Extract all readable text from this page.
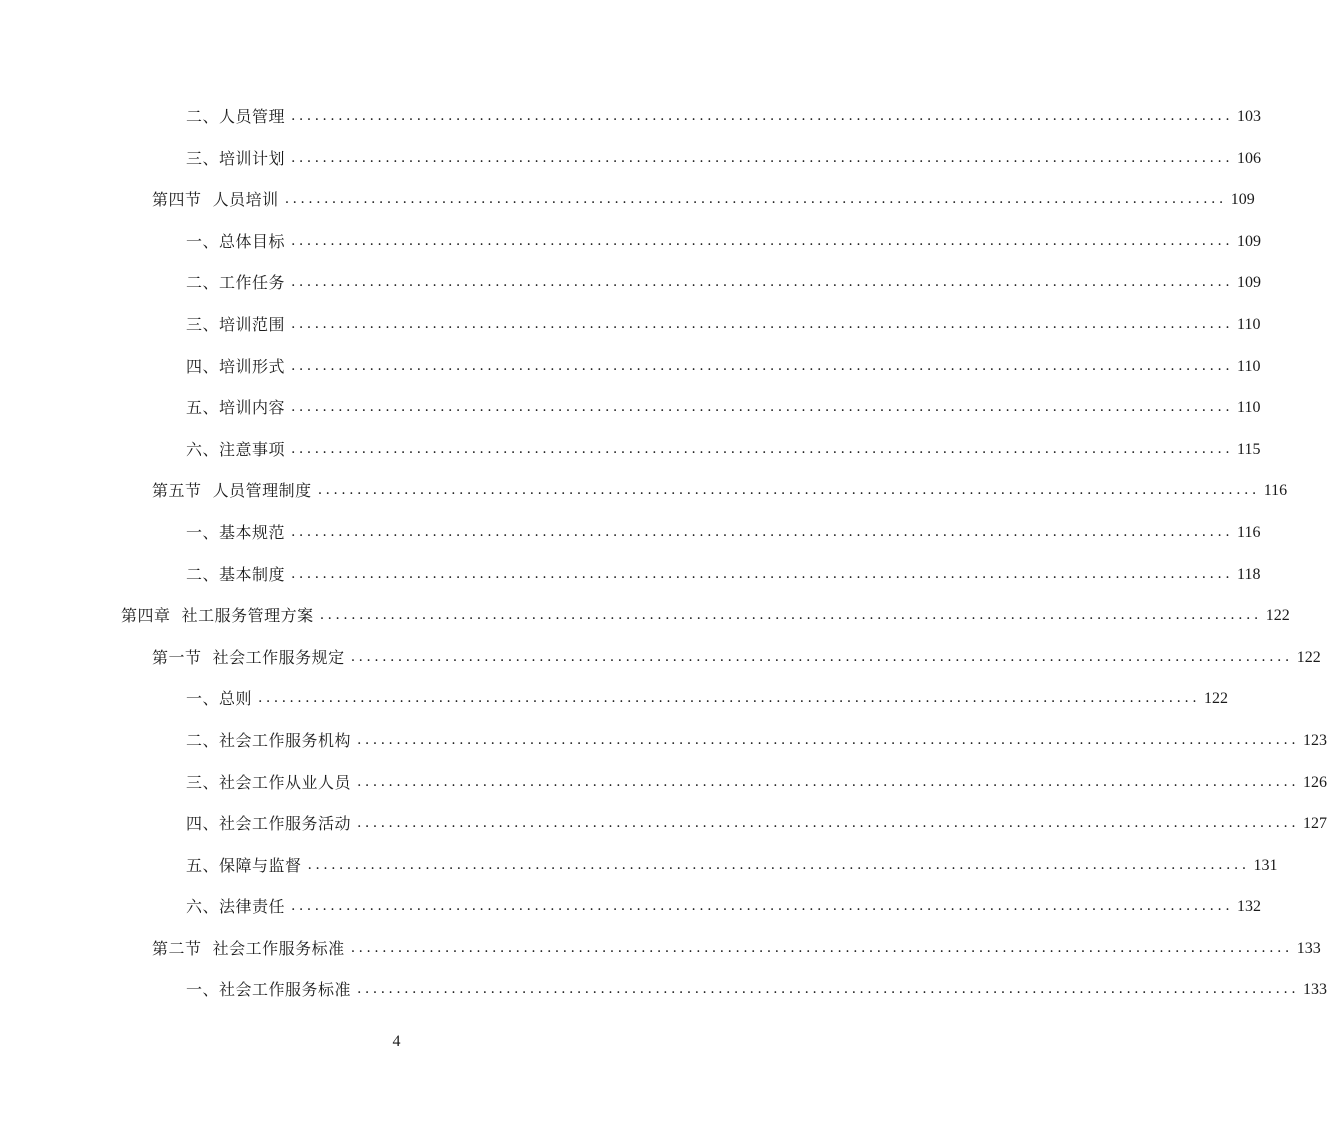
二、人员管理 ........................................................................................................................ 103
三、培训计划 ........................................................................................................................ 106
第四节  人员培训 ........................................................................................................................ 109
一、总体目标 ........................................................................................................................ 109
二、工作任务 ........................................................................................................................ 109
三、培训范围 ........................................................................................................................ 110
四、培训形式 ........................................................................................................................ 110
五、培训内容 ........................................................................................................................ 110
六、注意事项 ........................................................................................................................ 115
第五节  人员管理制度 ........................................................................................................................ 116
一、基本规范 ........................................................................................................................ 116
二、基本制度 ........................................................................................................................ 118
第四章  社工服务管理方案 ........................................................................................................................ 122
第一节  社会工作服务规定 ........................................................................................................................ 122
一、总则 ........................................................................................................................ 122
二、社会工作服务机构 ........................................................................................................................ 123
三、社会工作从业人员 ........................................................................................................................ 126
四、社会工作服务活动 ........................................................................................................................ 127
五、保障与监督 ........................................................................................................................ 131
六、法律责任 ........................................................................................................................ 132
第二节  社会工作服务标准 ........................................................................................................................ 133
一、社会工作服务标准 ........................................................................................................................ 133
4
